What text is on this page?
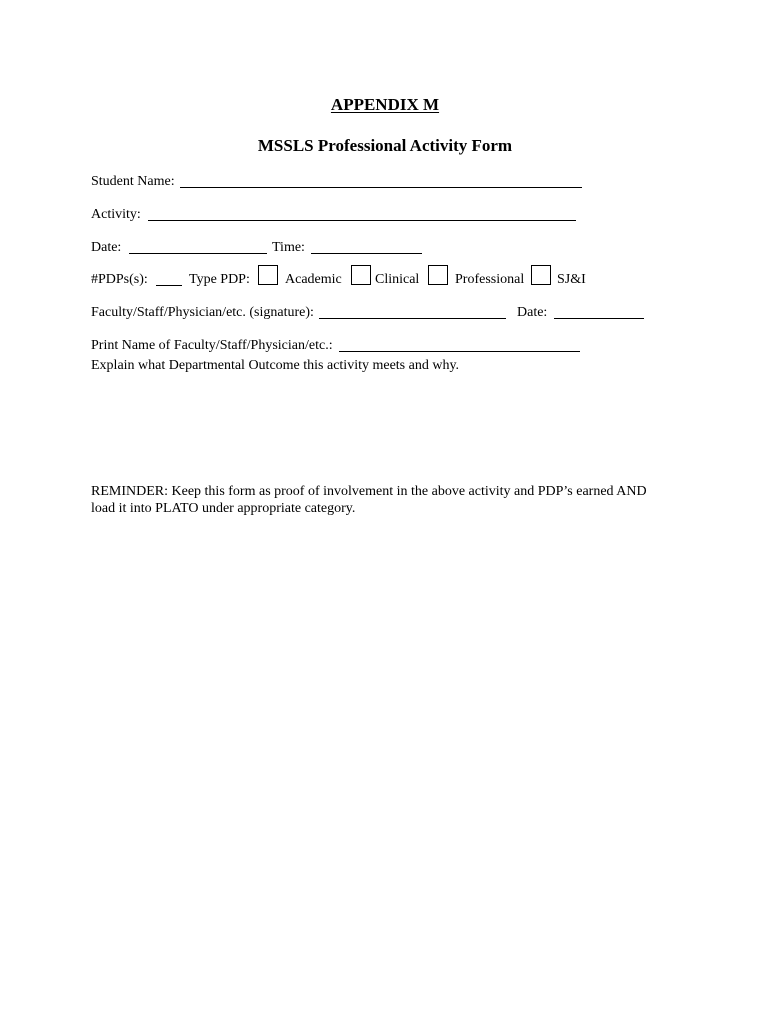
APPENDIX M
MSSLS Professional Activity Form
Student Name:
Activity:
Date:	Time:
#PDPs(s):	Type PDP:	Academic Clinical	Professional SJ&I
Faculty/Staff/Physician/etc. (signature):	Date:
Print Name of Faculty/Staff/Physician/etc.:
Explain what Departmental Outcome this activity meets and why.
REMINDER: Keep this form as proof of involvement in the above activity and PDP’s earned AND
load it into PLATO under appropriate category.
